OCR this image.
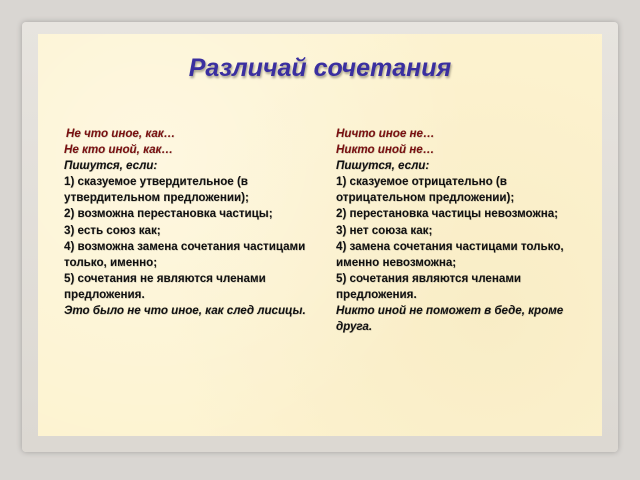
Различай сочетания
Не что иное, как…
Не кто иной, как…
Пишутся, если:
1) сказуемое утвердительное (в утвердительном предложении);
2) возможна перестановка частицы;
3) есть союз как;
4) возможна замена сочетания частицами только, именно;
5) сочетания не являются членами предложения.
Это было не что иное, как след лисицы.
Ничто иное не…
Никто иной не…
Пишутся, если:
1) сказуемое отрицательно (в отрицательном предложении);
2) перестановка частицы невозможна;
3) нет союза как;
4) замена сочетания частицами только, именно невозможна;
5) сочетания являются членами предложения.
Никто иной не поможет в беде, кроме друга.
